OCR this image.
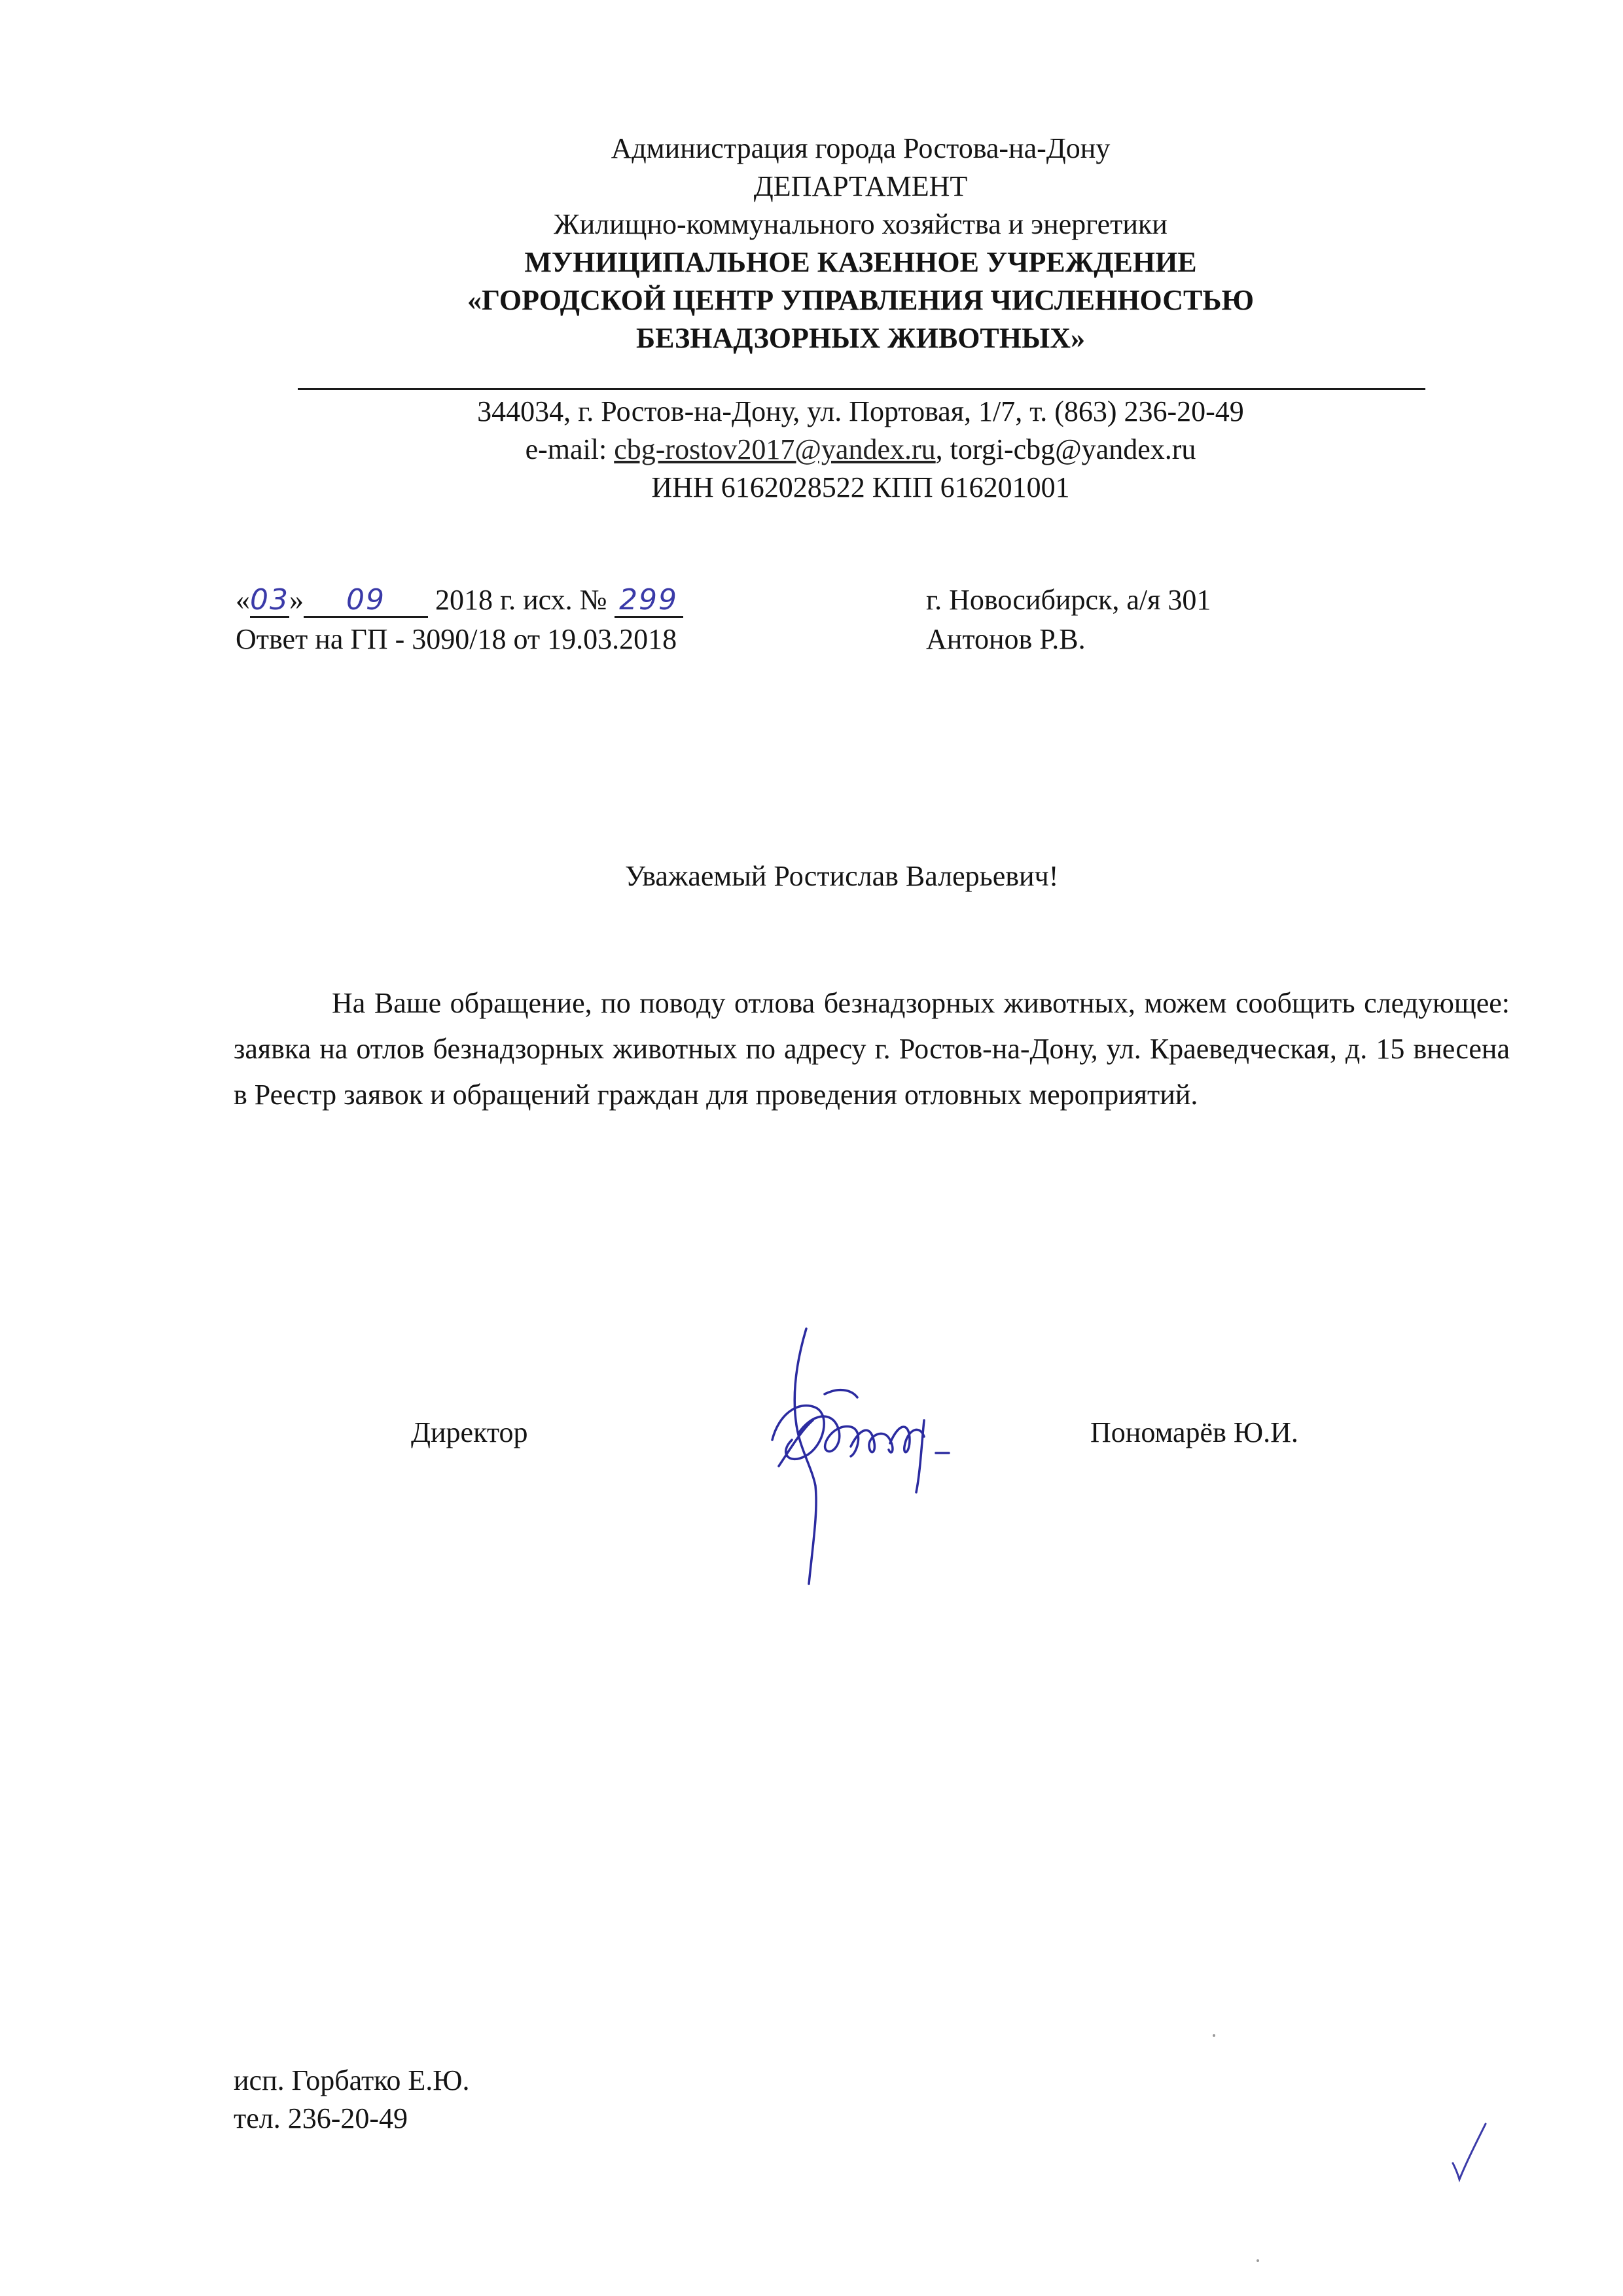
Администрация города Ростова-на-Дону
ДЕПАРТАМЕНТ
Жилищно-коммунального хозяйства и энергетики
МУНИЦИПАЛЬНОЕ КАЗЕННОЕ УЧРЕЖДЕНИЕ
«ГОРОДСКОЙ ЦЕНТР УПРАВЛЕНИЯ ЧИСЛЕННОСТЬЮ
БЕЗНАДЗОРНЫХ ЖИВОТНЫХ»
344034, г. Ростов-на-Дону, ул. Портовая, 1/7, т. (863) 236-20-49
e-mail: cbg-rostov2017@yandex.ru, torgi-cbg@yandex.ru
ИНН 6162028522 КПП 616201001
«03» 09 2018 г. исх. № 299
Ответ на ГП - 3090/18 от 19.03.2018
г. Новосибирск, а/я 301
Антонов Р.В.
Уважаемый Ростислав Валерьевич!
На Ваше обращение, по поводу отлова безнадзорных животных, можем сообщить следующее: заявка на отлов безнадзорных животных по адресу г. Ростов-на-Дону, ул. Краеведческая, д. 15 внесена в Реестр заявок и обращений граждан для проведения отловных мероприятий.
Директор	Пономарёв Ю.И.
исп. Горбатко Е.Ю.
тел. 236-20-49
